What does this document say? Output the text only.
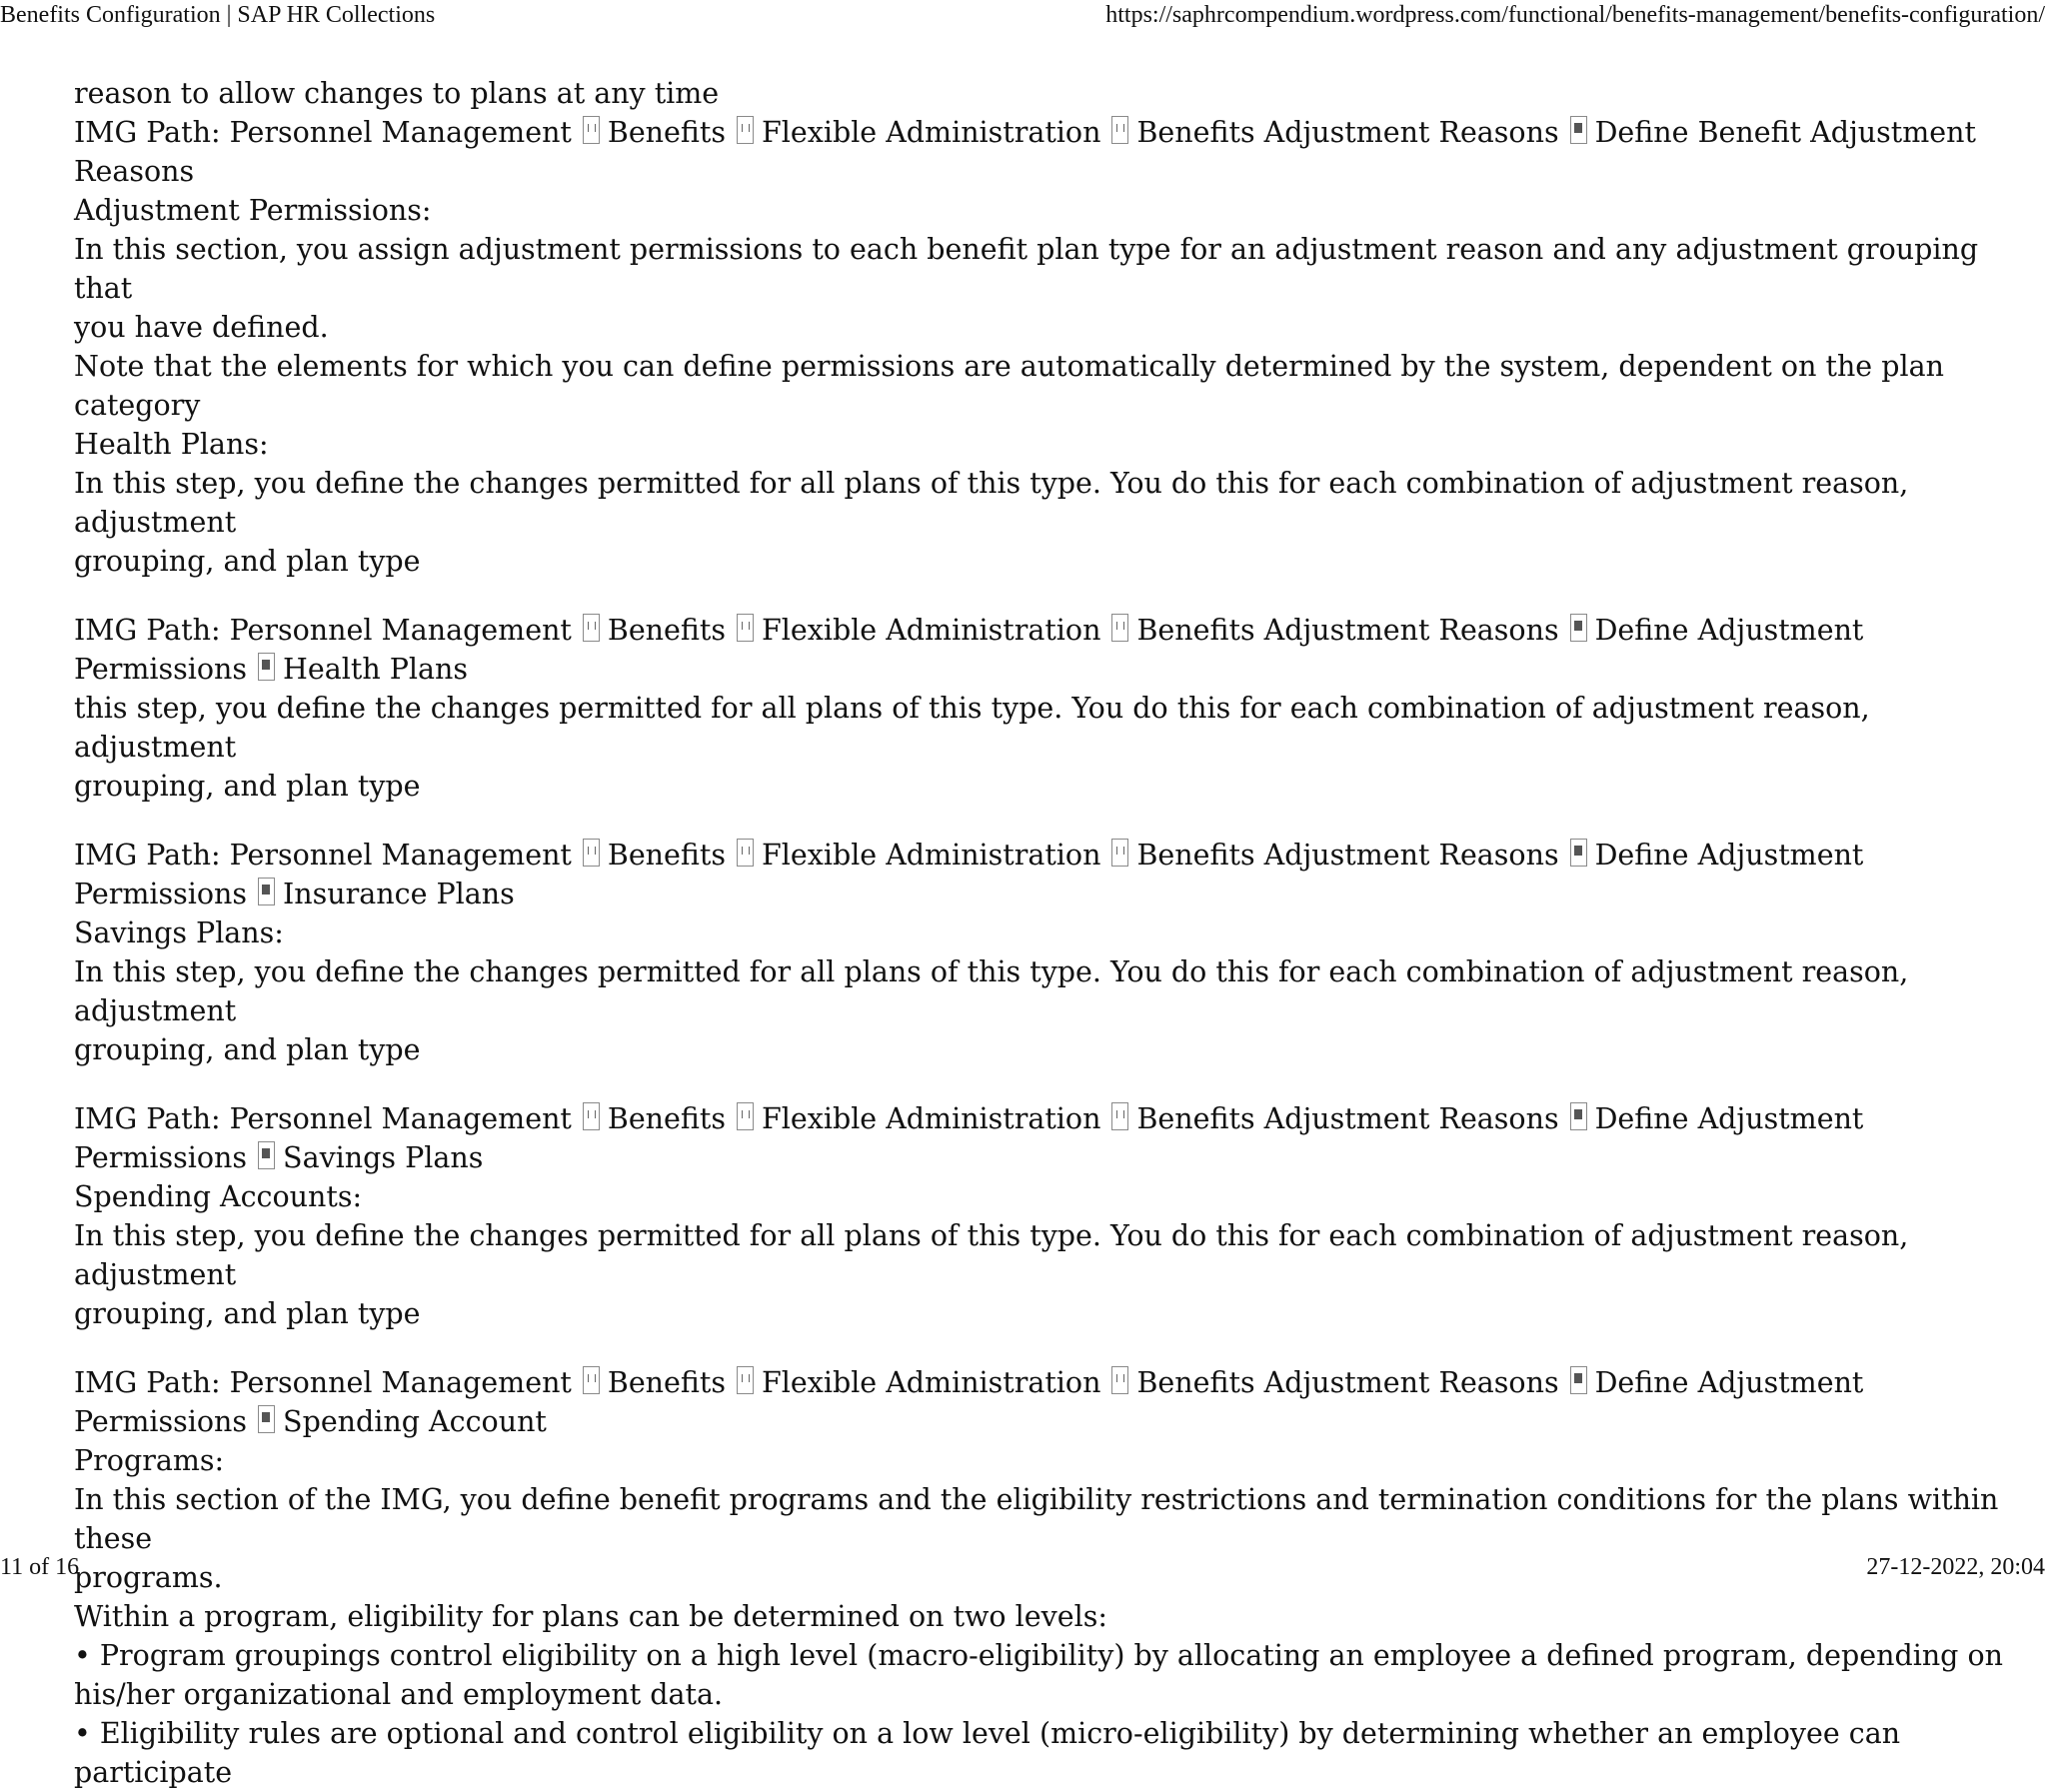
Benefits Configuration | SAP HR Collections	https://saphrcompendium.wordpress.com/functional/benefits-management/benefits-configuration/

reason to allow changes to plans at any time

IMG Path: Personnel Management Benefits Flexible Administration Benefits Adjustment Reasons Define Benefit Adjustment
Reasons

Adjustment Permissions:

In this section, you assign adjustment permissions to each benefit plan type for an adjustment reason and any adjustment grouping that
you have defined.

Note that the elements for which you can define permissions are automatically determined by the system, dependent on the plan category

Health Plans:

In this step, you define the changes permitted for all plans of this type. You do this for each combination of adjustment reason, adjustment
grouping, and plan type

IMG Path: Personnel Management Benefits Flexible Administration Benefits Adjustment Reasons Define Adjustment
Permissions Health Plans

this step, you define the changes permitted for all plans of this type. You do this for each combination of adjustment reason, adjustment
grouping, and plan type

IMG Path: Personnel Management Benefits Flexible Administration Benefits Adjustment Reasons Define Adjustment
Permissions Insurance Plans

Savings Plans:

In this step, you define the changes permitted for all plans of this type. You do this for each combination of adjustment reason, adjustment
grouping, and plan type

IMG Path: Personnel Management Benefits Flexible Administration Benefits Adjustment Reasons Define Adjustment
Permissions Savings Plans

Spending Accounts:

In this step, you define the changes permitted for all plans of this type. You do this for each combination of adjustment reason, adjustment
grouping, and plan type

IMG Path: Personnel Management Benefits Flexible Administration Benefits Adjustment Reasons Define Adjustment
Permissions Spending Account

Programs:

In this section of the IMG, you define benefit programs and the eligibility restrictions and termination conditions for the plans within these
programs.

Within a program, eligibility for plans can be determined on two levels:

• Program groupings control eligibility on a high level (macro-eligibility) by allocating an employee a defined program, depending on
his/her organizational and employment data.

• Eligibility rules are optional and control eligibility on a low level (micro-eligibility) by determining whether an employee can participate

11 of 16	27-12-2022, 20:04
